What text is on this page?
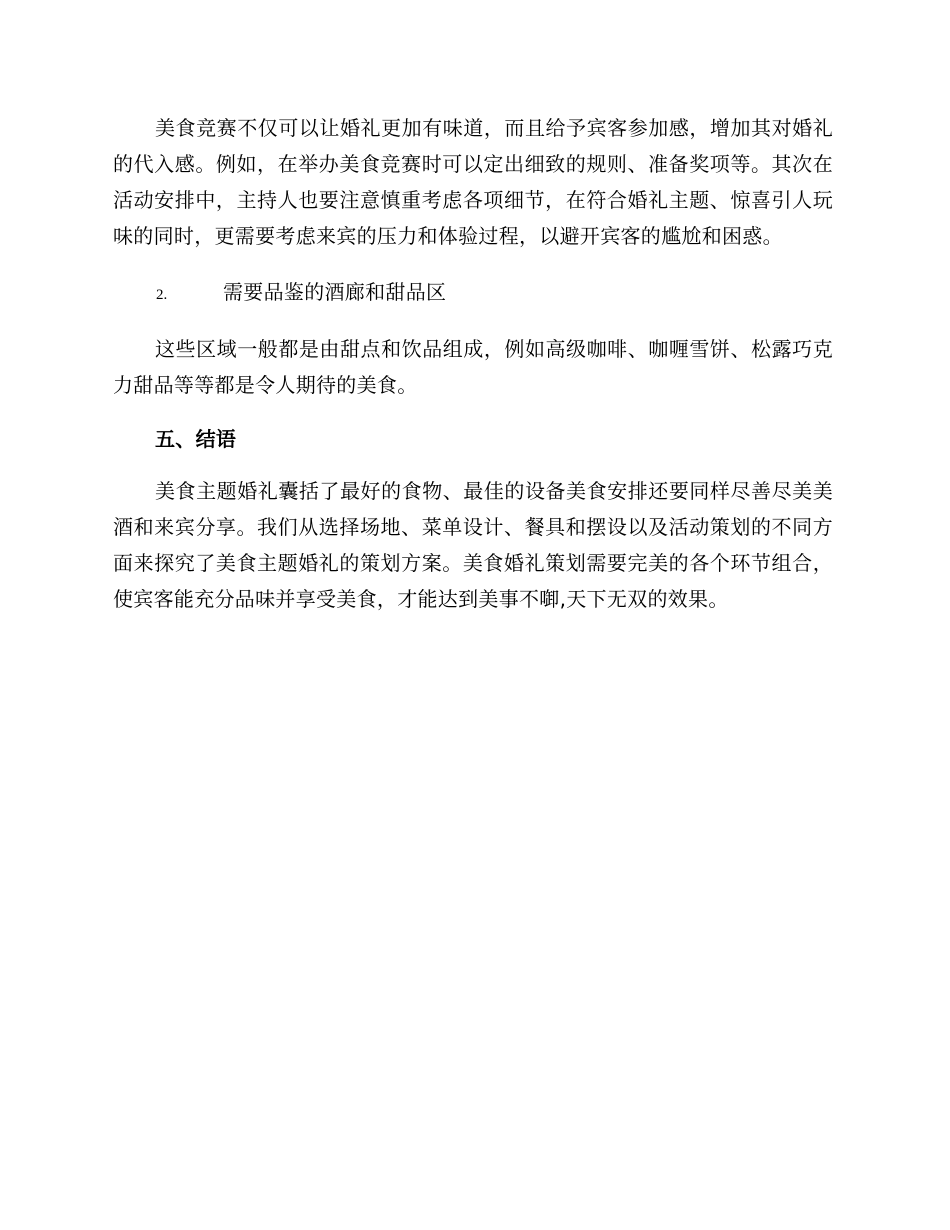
美食竞赛不仅可以让婚礼更加有味道，而且给予宾客参加感，增加其对婚礼的代入感。例如，在举办美食竞赛时可以定出细致的规则、准备奖项等。其次在活动安排中，主持人也要注意慎重考虑各项细节，在符合婚礼主题、惊喜引人玩味的同时，更需要考虑来宾的压力和体验过程，以避开宾客的尴尬和困惑。

2.	需要品鉴的酒廊和甜品区

这些区域一般都是由甜点和饮品组成，例如高级咖啡、咖喱雪饼、松露巧克力甜品等等都是令人期待的美食。

五、结语

美食主题婚礼囊括了最好的食物、最佳的设备美食安排还要同样尽善尽美美酒和来宾分享。我们从选择场地、菜单设计、餐具和摆设以及活动策划的不同方面来探究了美食主题婚礼的策划方案。美食婚礼策划需要完美的各个环节组合， 使宾客能充分品味并享受美食，才能达到美事不啣,天下无双的效果。
